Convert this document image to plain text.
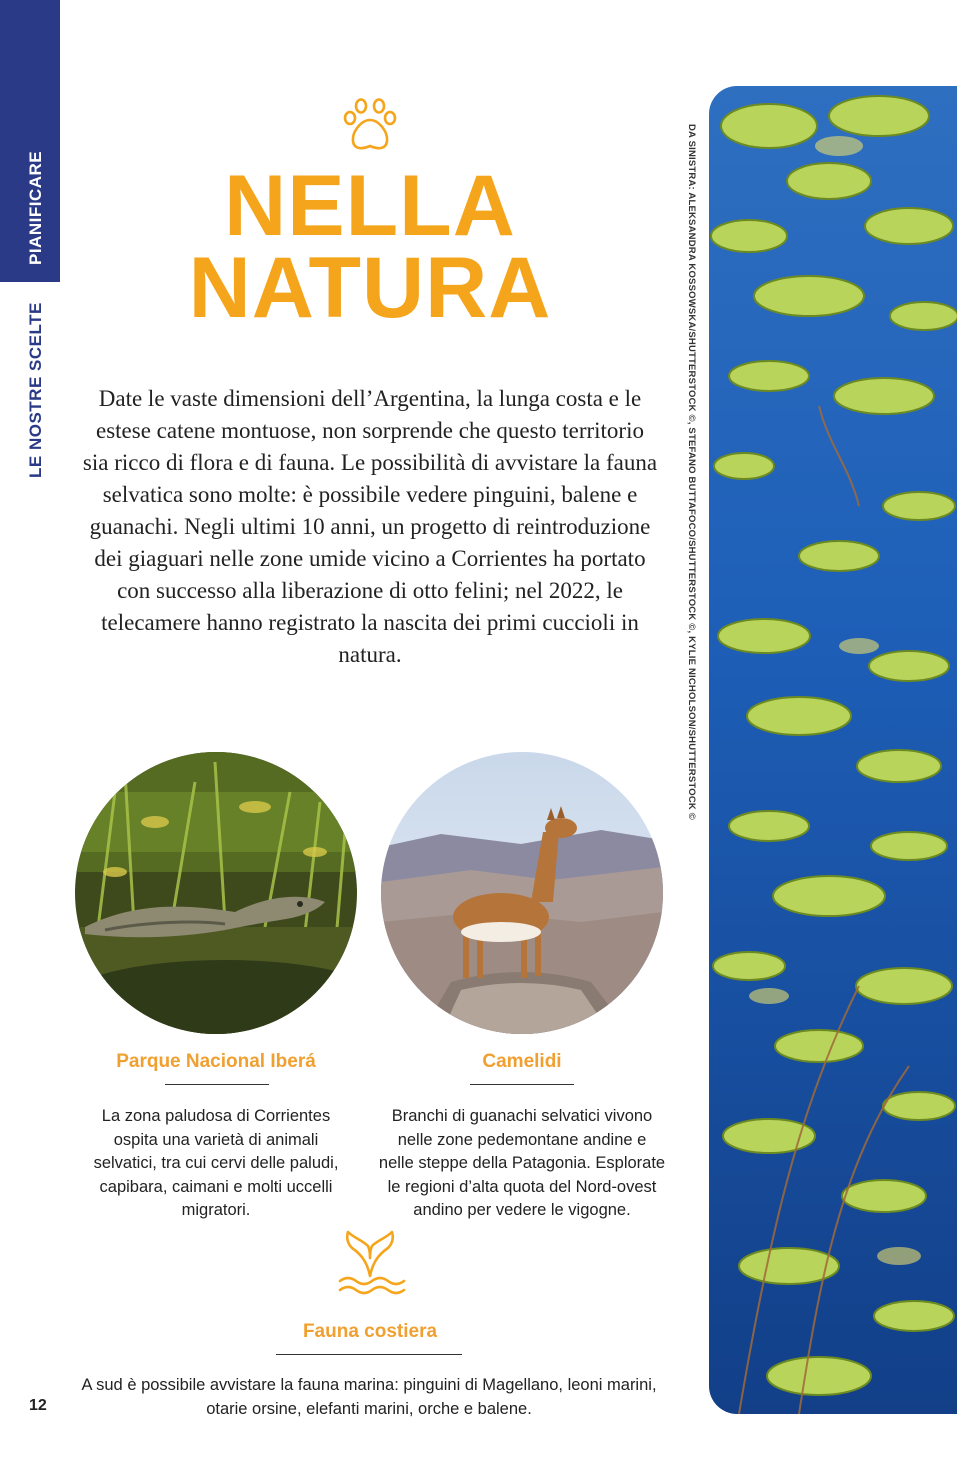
PIANIFICARE
LE NOSTRE SCELTE
NELLA
NATURA

Date le vaste dimensioni dell’Argentina, la lunga costa e le estese catene montuose, non sorprende che questo territorio sia ricco di flora e di fauna. Le possibilità di avvistare la fauna selvatica sono molte: è possibile vedere pinguini, balene e guanachi. Negli ultimi 10 anni, un progetto di reintroduzione dei giaguari nelle zone umide vicino a Corrientes ha portato con successo alla liberazione di otto felini; nel 2022, le telecamere hanno registrato la nascita dei primi cuccioli in natura.

Parque Nacional Iberá

La zona paludosa di Corrientes ospita una varietà di animali selvatici, tra cui cervi delle paludi, capibara, caimani e molti uccelli migratori.

Camelidi

Branchi di guanachi selvatici vivono nelle zone pedemontane andine e nelle steppe della Patagonia. Esplorate le regioni d’alta quota del Nord-ovest andino per vedere le vigogne.

Fauna costiera

A sud è possibile avvistare la fauna marina: pinguini di Magellano, leoni marini, otarie orsine, elefanti marini, orche e balene.

12
DA SINISTRA: ALEKSANDRA KOSSOWSKA/SHUTTERSTOCK ©, STEFANO BUTTAFOCO/SHUTTERSTOCK ©, KYLIE NICHOLSON/SHUTTERSTOCK ©
